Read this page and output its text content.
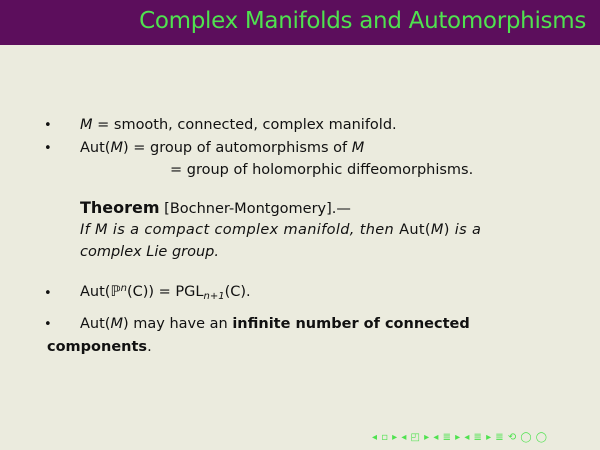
Complex Manifolds and Automorphisms
• M = smooth, connected, complex manifold.
• Aut(M) = group of automorphisms of M
= group of holomorphic diffeomorphisms.
Theorem [Bochner-Montgomery].—
If M is a compact complex manifold, then Aut(M) is a
complex Lie group.
• Aut(ℙ$^n$(C)) = $PGL_{n+1}(C)$.
• Aut(M) may have an infinite number of connected
components.
◂ ▫ ▸ ◂ ◰ ▸ ◂ ≣ ▸ ◂ ≣ ▸ ≣ ⟲ ◯ ◯
